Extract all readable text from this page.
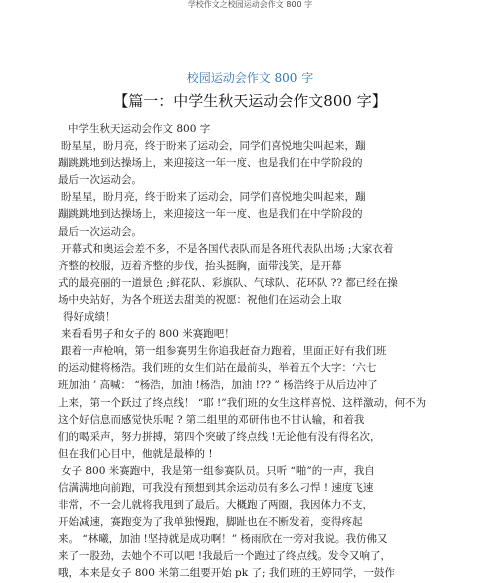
学校作文之校园运动会作文 800 字
校园运动会作文 800 字
【篇一：中学生秋天运动会作文800 字】
中学生秋天运动会作文 800 字
盼星星，盼月亮，终于盼来了运动会，同学们喜悦地尖叫起来，蹦
蹦跳跳地到达操场上，来迎接这一年一度、也是我们在中学阶段的
最后一次运动会。
盼星星，盼月亮，终于盼来了运动会，同学们喜悦地尖叫起来，蹦
蹦跳跳地到达操场上，来迎接这一年一度、也是我们在中学阶段的
最后一次运动会。
开幕式和奥运会差不多，不是各国代表队而是各班代表队出场 ;大家衣着
齐整的校服，迈着齐整的步伐，抬头挺胸，面带浅笑，是开幕
式的最亮丽的一道景色 ;鲜花队、彩旗队、气球队、花环队 ?? 都已经在操
场中央站好，为各个班送去甜美的祝愿：祝他们在运动会上取
得好成绩！
来看看男子和女子的 800 米赛跑吧！
跟着一声枪响，第一组参赛男生你追我赶奋力跑着，里面正好有我们班
的运动健将杨浩。我们班的女生们站在最前头，举着五个大字：‘六七
班加油 ’ 高喊： “杨浩，加油 !杨浩，加油 !?? ” 杨浩终于从后边冲了
上来，第一个跃过了终点线！ “耶 !”我们班的女生这样喜悦、这样激动，何不为
这个好信息而感觉快乐呢 ? 第二组里的邓研伟也不甘认输，和着我
们的喝采声，努力拼搏，第四个突破了终点线 !无论他有没有得名次，
但在我们心目中，他就是最棒的 !
女子 800 米赛跑中，我是第一组参赛队员。只听 “啪”的一声，我自
信满满地向前跑，可我没有预想到其余运动员有多么刁悍 ! 速度飞速
非常，不一会儿就将我甩到了最后。大概跑了两圈，我因体力不支，
开始减速，赛跑变为了我单独慢跑，脚趾也在不断发着，变得疼起
来。 “林曦，加油 !坚持就是成功啊！” 杨雨欣在一旁对我说。我仿佛又
来了一股劲，去她个不可以吧 !我最后一个跑过了终点线。发令又响了，
哦，本来是女子 800 米第二组要开始 pk 了; 我们班的王婷同学，一鼓作
